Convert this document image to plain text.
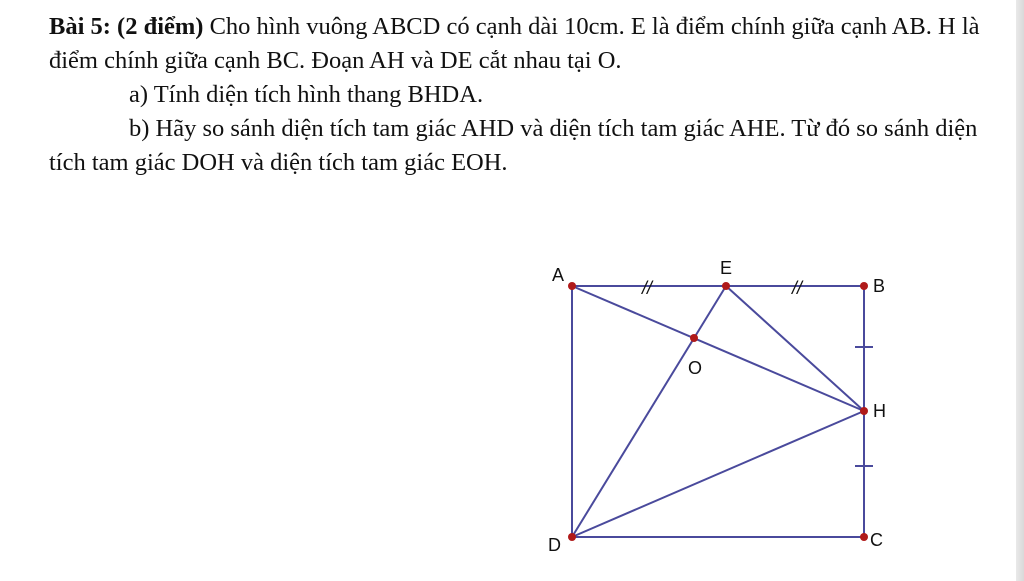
Bài 5: (2 điểm) Cho hình vuông ABCD có cạnh dài 10cm. E là điểm chính giữa cạnh AB. H là điểm chính giữa cạnh BC. Đoạn AH và DE cắt nhau tại O.

a) Tính diện tích hình thang BHDA.

b) Hãy so sánh diện tích tam giác AHD và diện tích tam giác AHE. Từ đó so sánh diện tích tam giác DOH và diện tích tam giác EOH.

//	//
A
B
C
D
E
H
O
